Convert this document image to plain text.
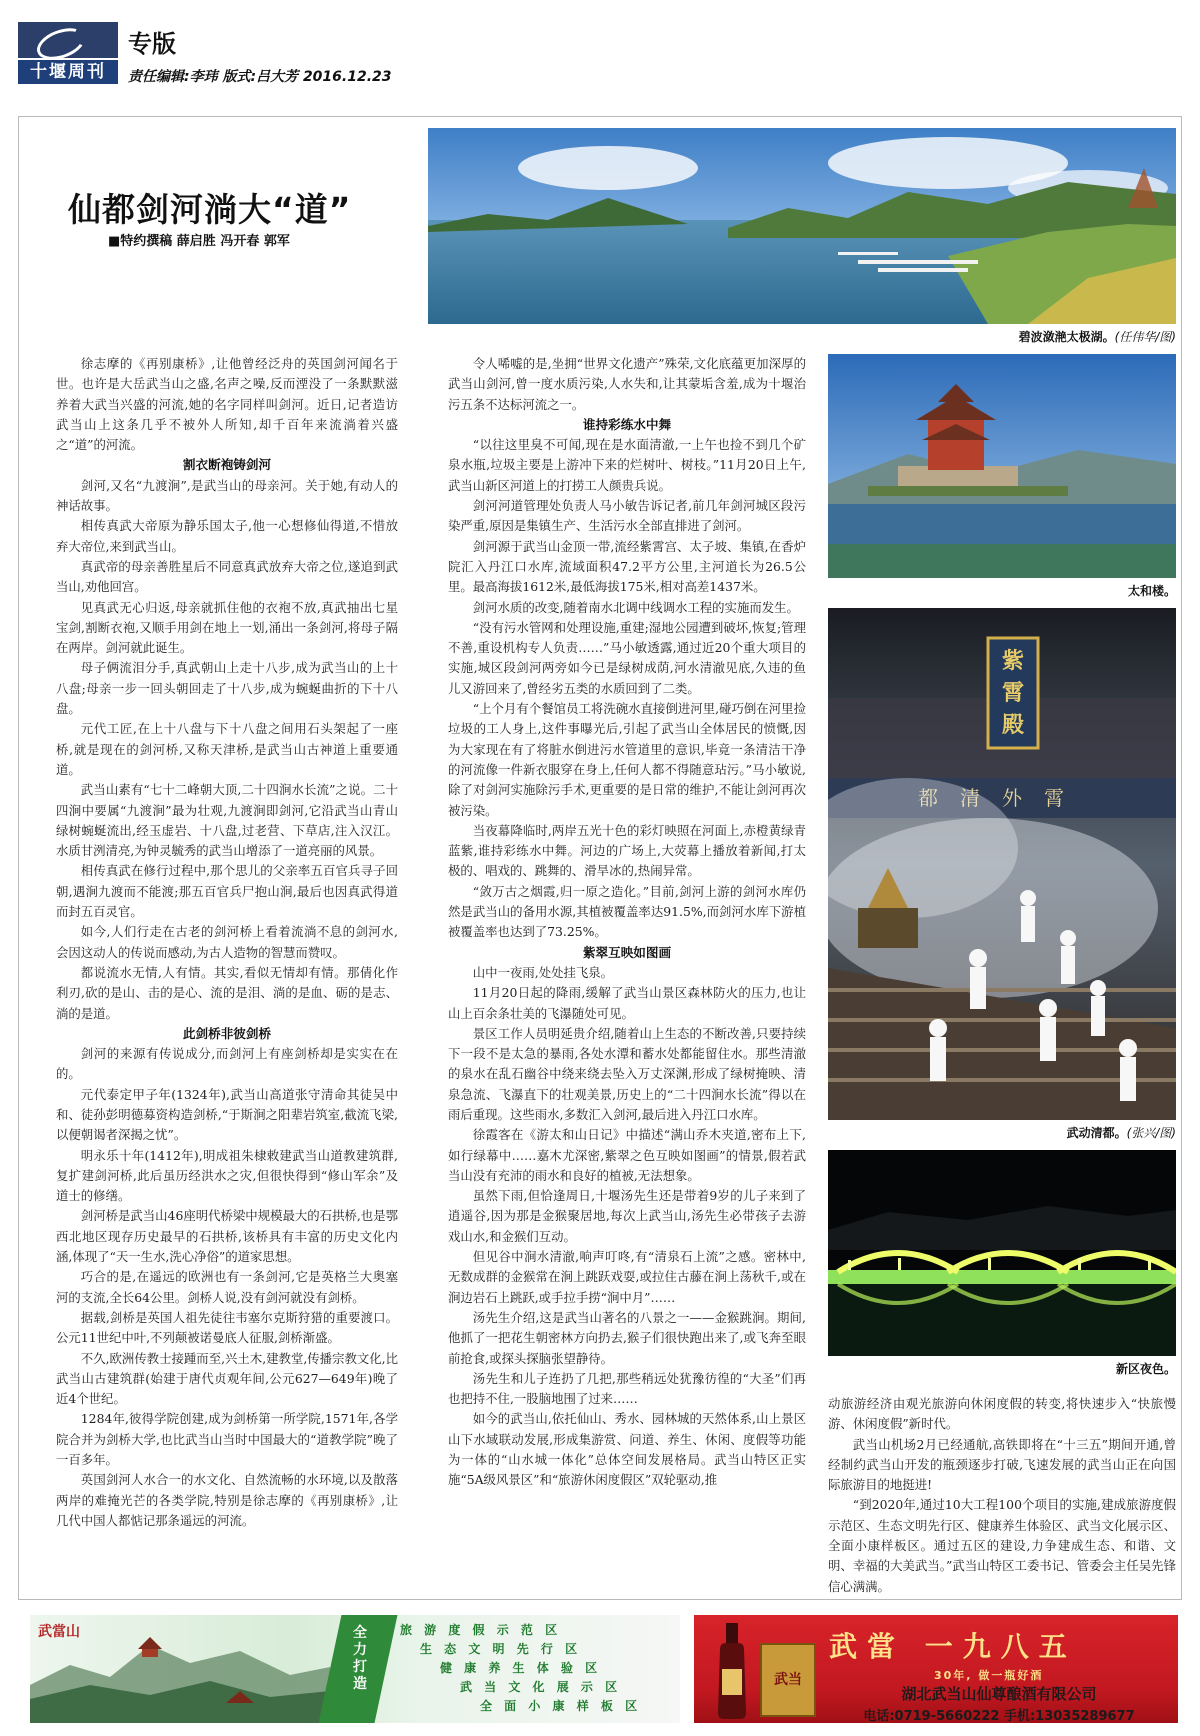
十堰周刊
专版
责任编辑:李玮 版式:吕大芳 2016.12.23
仙都剑河淌大“道”
■特约撰稿 薛启胜 冯开春 郭军
碧波潋滟太极湖。(任伟华/图)
太和楼。
紫
霄
殿
都清外霄
武动清都。(张兴/图)
新区夜色。

徐志摩的《再别康桥》,让他曾经泛舟的英国剑河闻名于世。也许是大岳武当山之盛,名声之噪,反而湮没了一条默默滋养着大武当兴盛的河流,她的名字同样叫剑河。近日,记者造访武当山上这条几乎不被外人所知,却千百年来流淌着兴盛之“道”的河流。

割衣断袍铸剑河

剑河,又名“九渡涧”,是武当山的母亲河。关于她,有动人的神话故事。

相传真武大帝原为静乐国太子,他一心想修仙得道,不惜放弃大帝位,来到武当山。

真武帝的母亲善胜星后不同意真武放弃大帝之位,遂追到武当山,劝他回宫。

见真武无心归返,母亲就抓住他的衣袍不放,真武抽出七星宝剑,割断衣袍,又顺手用剑在地上一划,涌出一条剑河,将母子隔在两岸。剑河就此诞生。

母子俩流泪分手,真武朝山上走十八步,成为武当山的上十八盘;母亲一步一回头朝回走了十八步,成为蜿蜒曲折的下十八盘。

元代工匠,在上十八盘与下十八盘之间用石头架起了一座桥,就是现在的剑河桥,又称天津桥,是武当山古神道上重要通道。

武当山素有“七十二峰朝大顶,二十四涧水长流”之说。二十四涧中要属“九渡涧”最为壮观,九渡涧即剑河,它沿武当山青山绿树蜿蜒流出,经玉虚岩、十八盘,过老营、下草店,注入汉江。水质甘洌清亮,为钟灵毓秀的武当山增添了一道亮丽的风景。

相传真武在修行过程中,那个思儿的父亲率五百官兵寻子回朝,遇涧九渡而不能渡;那五百官兵尸抱山涧,最后也因真武得道而封五百灵官。

如今,人们行走在古老的剑河桥上看着流淌不息的剑河水,会因这动人的传说而感动,为古人造物的智慧而赞叹。

都说流水无情,人有情。其实,看似无情却有情。那倩化作利刃,砍的是山、击的是心、流的是泪、淌的是血、砺的是志、淌的是道。

此剑桥非彼剑桥

剑河的来源有传说成分,而剑河上有座剑桥却是实实在在的。

元代泰定甲子年(1324年),武当山高道张守清命其徒吴中和、徒孙彭明德募资构造剑桥,“于斯涧之阳辈岩筑室,截流飞梁,以便朝谒者深揭之忧”。

明永乐十年(1412年),明成祖朱棣敕建武当山道教建筑群,复扩建剑河桥,此后虽历经洪水之灾,但很快得到“修山军余”及道士的修缮。

剑河桥是武当山46座明代桥梁中规模最大的石拱桥,也是鄂西北地区现存历史最早的石拱桥,该桥具有丰富的历史文化内涵,体现了“天一生水,洗心净俗”的道家思想。

巧合的是,在遥远的欧洲也有一条剑河,它是英格兰大奥塞河的支流,全长64公里。剑桥人说,没有剑河就没有剑桥。

据载,剑桥是英国人祖先徒往韦塞尔克斯狩猎的重要渡口。公元11世纪中叶,不列颠被诺曼底人征服,剑桥渐盛。

不久,欧洲传教士接踵而至,兴土木,建教堂,传播宗教文化,比武当山古建筑群(始建于唐代贞观年间,公元627—649年)晚了近4个世纪。

1284年,彼得学院创建,成为剑桥第一所学院,1571年,各学院合并为剑桥大学,也比武当山当时中国最大的“道教学院”晚了一百多年。

英国剑河人水合一的水文化、自然流畅的水环境,以及散落两岸的难掩光芒的各类学院,特别是徐志摩的《再别康桥》,让几代中国人都惦记那条遥远的河流。

令人唏嘘的是,坐拥“世界文化遗产”殊荣,文化底蕴更加深厚的武当山剑河,曾一度水质污染,人水失和,让其蒙垢含羞,成为十堰治污五条不达标河流之一。

谁持彩练水中舞

“以往这里臭不可闻,现在是水面清澈,一上午也捡不到几个矿泉水瓶,垃圾主要是上游冲下来的烂树叶、树枝。”11月20日上午,武当山新区河道上的打捞工人颜贵兵说。

剑河河道管理处负责人马小敏告诉记者,前几年剑河城区段污染严重,原因是集镇生产、生活污水全部直排进了剑河。

剑河源于武当山金顶一带,流经紫霄宫、太子坡、集镇,在香炉院汇入丹江口水库,流域面积47.2平方公里,主河道长为26.5公里。最高海拔1612米,最低海拔175米,相对高差1437米。

剑河水质的改变,随着南水北调中线调水工程的实施而发生。

“没有污水管网和处理设施,重建;湿地公园遭到破坏,恢复;管理不善,重设机构专人负责……”马小敏透露,通过近20个重大项目的实施,城区段剑河两旁如今已是绿树成荫,河水清澈见底,久违的鱼儿又游回来了,曾经劣五类的水质回到了二类。

“上个月有个餐馆员工将洗碗水直接倒进河里,碰巧倒在河里捡垃圾的工人身上,这件事曝光后,引起了武当山全体居民的愤慨,因为大家现在有了将脏水倒进污水管道里的意识,毕竟一条清洁干净的河流像一件新衣服穿在身上,任何人都不得随意玷污。”马小敏说,除了对剑河实施除污手术,更重要的是日常的维护,不能让剑河再次被污染。

当夜幕降临时,两岸五光十色的彩灯映照在河面上,赤橙黄绿青蓝紫,谁持彩练水中舞。河边的广场上,大荧幕上播放着新闻,打太极的、唱戏的、跳舞的、滑旱冰的,热闹异常。

“敛万古之烟霞,归一原之造化。”目前,剑河上游的剑河水库仍然是武当山的备用水源,其植被覆盖率达91.5%,而剑河水库下游植被覆盖率也达到了73.25%。

紫翠互映如图画

山中一夜雨,处处挂飞泉。

11月20日起的降雨,缓解了武当山景区森林防火的压力,也让山上百余条壮美的飞瀑随处可见。

景区工作人员明延贵介绍,随着山上生态的不断改善,只要持续下一段不是太急的暴雨,各处水潭和蓄水处都能留住水。那些清澈的泉水在乱石幽谷中绕来绕去坠入万丈深渊,形成了绿树掩映、清泉急流、飞瀑直下的壮观美景,历史上的“二十四涧水长流”得以在雨后重现。这些雨水,多数汇入剑河,最后进入丹江口水库。

徐霞客在《游太和山日记》中描述“满山乔木夹道,密布上下,如行绿幕中……嘉木尤深密,紫翠之色互映如图画”的情景,假若武当山没有充沛的雨水和良好的植被,无法想象。

虽然下雨,但恰逢周日,十堰汤先生还是带着9岁的儿子来到了逍遥谷,因为那是金猴聚居地,每次上武当山,汤先生必带孩子去游戏山水,和金猴们互动。

但见谷中涧水清澈,响声叮咚,有“清泉石上流”之感。密林中,无数成群的金猴常在涧上跳跃戏耍,或拉住古藤在涧上荡秋千,或在涧边岩石上跳跃,或手拉手捞“涧中月”……

汤先生介绍,这是武当山著名的八景之一——金猴跳涧。期间,他抓了一把花生朝密林方向扔去,猴子们很快跑出来了,或飞奔至眼前抢食,或探头探脑张望静待。

汤先生和儿子连扔了几把,那些稍远处犹豫彷徨的“大圣”们再也把持不住,一股脑地围了过来……

如今的武当山,依托仙山、秀水、园林城的天然体系,山上景区山下水域联动发展,形成集游赏、问道、养生、休闲、度假等功能为一体的“山水城一体化”总体空间发展格局。武当山特区正实施“5A级风景区”和“旅游休闲度假区”双轮驱动,推

动旅游经济由观光旅游向休闲度假的转变,将快速步入“快旅慢游、休闲度假”新时代。

武当山机场2月已经通航,高铁即将在“十三五”期间开通,曾经制约武当山开发的瓶颈逐步打破,飞速发展的武当山正在向国际旅游目的地挺进!

“到2020年,通过10大工程100个项目的实施,建成旅游度假示范区、生态文明先行区、健康养生体验区、武当文化展示区、全面小康样板区。通过五区的建设,力争建成生态、和谐、文明、幸福的大美武当。”武当山特区工委书记、管委会主任吴先锋信心满满。

武當山	全力打造
旅 游 度 假 示 范 区
生 态 文 明 先 行 区
健 康 养 生 体 验 区
武 当 文 化 展 示 区
全 面 小 康 样 板 区
武当
武當 一九八五
30年, 做一瓶好酒
湖北武当山仙尊酿酒有限公司
电话:0719-5660222 手机:13035289677
